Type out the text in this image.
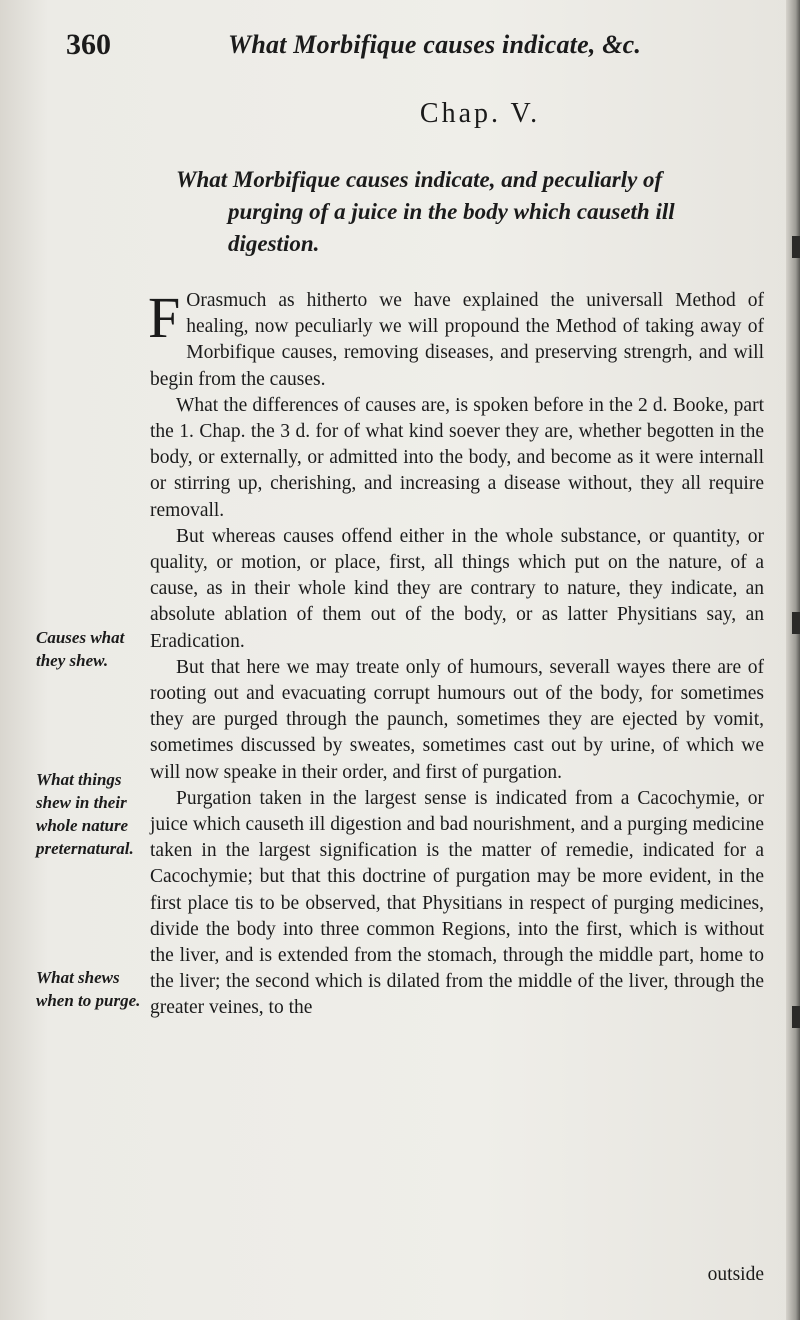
360	What Morbifique causes indicate, &c.
Chap. V.
What Morbifique causes indicate, and peculiarly of
purging of a juice in the body which causeth ill digestion.

F Orasmuch as hitherto we have explained the universall Method of healing, now peculiarly we will propound the Method of taking away of Morbifique causes, removing diseases, and preserving strengrh, and will begin from the causes.

What the differences of causes are, is spoken before in the 2 d. Booke, part the 1. Chap. the 3 d. for of what kind soever they are, whether begotten in the body, or externally, or admitted into the body, and become as it were internall or stirring up, cherishing, and increasing a disease without, they all require removall.

But whereas causes offend either in the whole substance, or quantity, or quality, or motion, or place, first, all things which put on the nature, of a cause, as in their whole kind they are contrary to nature, they indicate, an absolute ablation of them out of the body, or as latter Physitians say, an Eradication.

But that here we may treate only of humours, severall wayes there are of rooting out and evacuating corrupt humours out of the body, for sometimes they are purged through the paunch, sometimes they are ejected by vomit, sometimes discussed by sweates, sometimes cast out by urine, of which we will now speake in their order, and first of purgation.

Purgation taken in the largest sense is indicated from a Cacochymie, or juice which causeth ill digestion and bad nourishment, and a purging medicine taken in the largest signification is the matter of remedie, indicated for a Cacochymie; but that this doctrine of purgation may be more evident, in the first place tis to be observed, that Physitians in respect of purging medicines, divide the body into three common Regions, into the first, which is without the liver, and is extended from the stomach, through the middle part, home to the liver; the second which is dilated from the middle of the liver, through the greater veines, to the

outside
Causes what they shew.
What things shew in their whole nature preternatural.
What shews when to purge.
